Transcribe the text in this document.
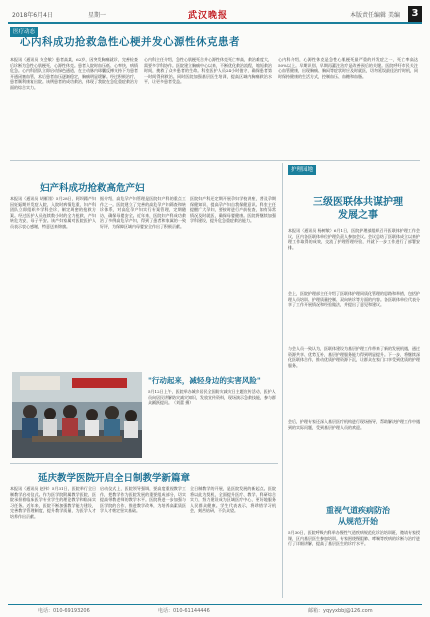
2018年6月4日	星期一	武汉晚报	本版责任编辑 美编	3
医疗动态
心内科成功抢救急性心梗并发心源性休克患者
本报讯（通讯员 支会敏）患者高某，62岁，因突发胸痛就诊，完善检查后诊断为急性心肌梗死，心源性休克。患者入院时血压低、心率快，病情危急。心内科团队立即启动绿色通道，在主动脉内球囊反搏支持下为患者开通闭塞血管，术后患者血压逐渐稳定，胸痛明显缓解。经过积极治疗，患者顺利康复出院。该例患者的成功救治，体现了我院在急危重症救治方面的综合实力。
心内科主任介绍，急性心肌梗死合并心源性休克死亡率高，救治难度大，需要多学科协作。医院建立胸痛中心以来，不断优化救治流程，缩短救治时间，挽救了众多患者的生命。科室医护人员24小时值守，确保患者第一时间得到救治。同时医院加强基层医生培训，提高区域内胸痛救治水平，让更多患者受益。
心内科介绍，心源性休克是急性心肌梗死最严重的并发症之一，死亡率高达50%以上。早期识别、早期再灌注治疗是改善预后的关键。医院呼吁市民关注心血管健康，出现胸痛、胸闷等症状时应及时就医，切勿延误最佳治疗时机，同时保持健康的生活方式，控制血压、血糖和血脂。
妇产科成功抢救高危产妇
本报讯（通讯员 胡雁翎）5月28日，阿坝籍产妇因妊娠期并发症入院，入院时病情危重，妇产科团队立即组织多学科会诊，制定周密的抢救方案。经过医护人员连续数小时的全力抢救，产妇转危为安，母子平安。该产妇家属对医院医护人员表示衷心感谢，特意送来锦旗。
据介绍，高危孕产妇管理是医院妇产科的重点工作之一。医院建立了完善的高危孕产妇筛查和转诊体系，对高危孕产妇实行专案管理，定期随访，确保母婴安全。近年来，医院妇产科成功救治了多例高危孕产妇，得到了患者和家属的一致好评，为保障区域内母婴安全作出了积极贡献。
医院妇产科还定期开展孕妇学校讲座，普及孕期保健知识，提高孕产妇自我保健意识。科室主任提醒广大孕妇，要按时进行产前检查，如有异常情况及时就医，确保母婴健康。医院将继续加强学科建设，提升危急重症救治能力。
"行动起来，减轻身边的实害风险"
5月12日上午，医院举办城乡居民全国防灾减灾日主题宣传活动，医护人员向居民讲解防灾减灾知识，发放宣传资料，现场演示急救技能，参与群众踊跃提问。（刘蕾 摄）
延庆教学医院开启全日制教学新篇章
本报讯（通讯员 赵伟）5月31日，医院举行全日制教学启动仪式。作为医学院附属教学医院，医院承担着临床医学专业学生的理论教学和临床实习任务。近年来，医院不断加强教学能力建设，完善教学管理制度，提升教学质量，为医学人才培养作出贡献。
启动仪式上，医院领导强调，要高度重视教学工作，把教学作为医院发展的重要组成部分，切实提高带教老师的教学水平。医院将进一步加强与医学院的合作，推进教学改革，为培养高素质医学人才奠定坚实基础。
全日制教学的开展，是医院发展的新起点。医院将以此为契机，全面提升医疗、教学、科研综合实力，努力建设成为区域医疗中心，更好地服务人民群众健康。学生代表表示，将珍惜学习机会，刻苦钻研，不负众望。
护理园地
三级医联体共谋护理
发展之事
本报讯（通讯员 杨树敏）6月1日，医院护理部组织召开医联体护理工作会议，区内各医联体单位护理负责人参加会议。会议总结了医联体成立以来护理工作取得的成效，交流了护理管理经验，并就下一步工作进行了部署安排。
会上，医院护理部主任介绍了医联体护理同质化管理的思路和举措，包括护理人员培训、护理质量控制、双向转诊等方面的内容。各医联体单位代表分享了工作开展情况和经验做法，并提出了意见和建议。
与会人员一致认为，医联体建设为基层护理工作带来了新的发展机遇，通过资源共享、优势互补，基层护理服务能力得到明显提升。下一步，将继续深化医联体合作，推动优质护理资源下沉，让群众在家门口享受到优质的护理服务。
会后，护理专家还深入基层医疗机构进行现场指导，帮助解决护理工作中遇到的实际问题，受到基层护理人员的欢迎。
重视气道疾病防治
从规范开始
5月30日，医院呼吸内科举办慢性气道疾病规范化诊治培训班，邀请专家授课，区内基层医生参加培训。专家围绕慢阻肺、哮喘等疾病的诊断与治疗进行了详细讲解，提高了基层医生的诊疗水平。
电话：010-69193206	电话：010-61144446	邮箱：yqyyxbbj@126.com
